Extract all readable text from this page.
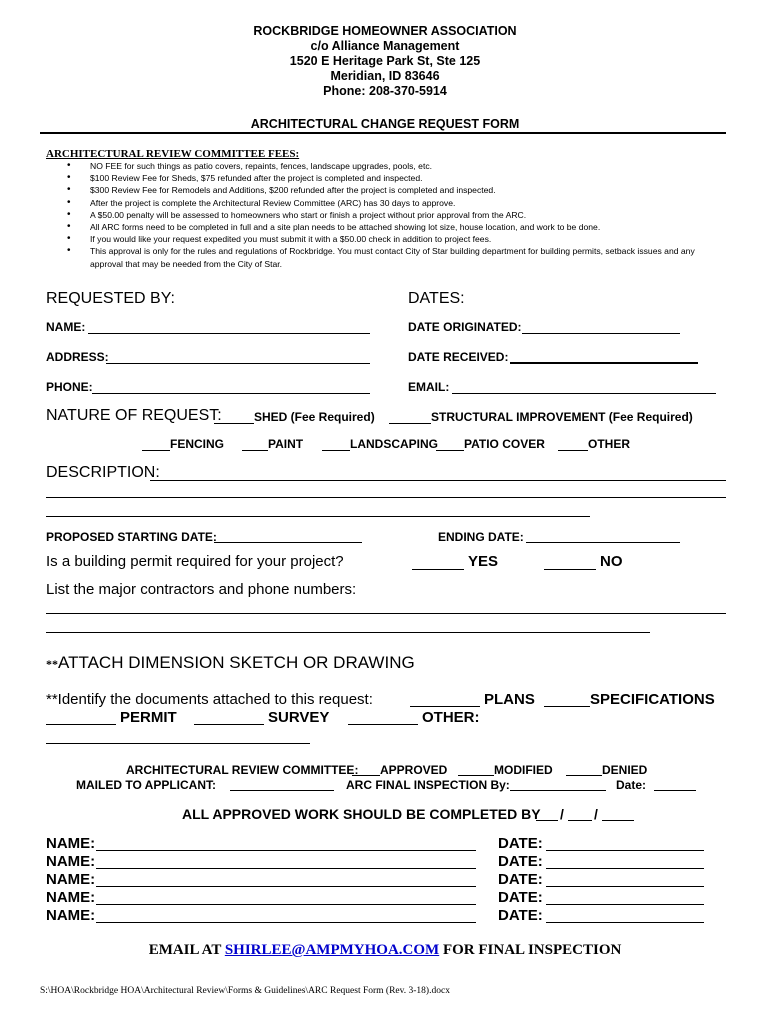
ROCKBRIDGE HOMEOWNER ASSOCIATION
c/o Alliance Management
1520 E Heritage Park St, Ste 125
Meridian, ID 83646
Phone: 208-370-5914
ARCHITECTURAL CHANGE REQUEST FORM
ARCHITECTURAL REVIEW COMMITTEE FEES:
• NO FEE for such things as patio covers, repaints, fences, landscape upgrades, pools, etc.
• $100 Review Fee for Sheds, $75 refunded after the project is completed and inspected.
• $300 Review Fee for Remodels and Additions, $200 refunded after the project is completed and inspected.
• After the project is complete the Architectural Review Committee (ARC) has 30 days to approve.
• A $50.00 penalty will be assessed to homeowners who start or finish a project without prior approval from the ARC.
• All ARC forms need to be completed in full and a site plan needs to be attached showing lot size, house location, and work to be done.
• If you would like your request expedited you must submit it with a $50.00 check in addition to project fees.
• This approval is only for the rules and regulations of Rockbridge. You must contact City of Star building department for building permits, setback issues and any approval that may be needed from the City of Star.
REQUESTED BY:	DATES:
NAME:	DATE ORIGINATED:
ADDRESS:	DATE RECEIVED:
PHONE:	EMAIL:
NATURE OF REQUEST:	SHED (Fee Required)	STRUCTURAL IMPROVEMENT (Fee Required)
FENCING	PAINT	LANDSCAPING PATIO COVER	OTHER
DESCRIPTION:
PROPOSED STARTING DATE:	ENDING DATE:
Is a building permit required for your project?	YES	NO
List the major contractors and phone numbers:
**ATTACH DIMENSION SKETCH OR DRAWING
**Identify the documents attached to this request:	PLANS	SPECIFICATIONS
PERMIT	SURVEY	OTHER:
ARCHITECTURAL REVIEW COMMITTEE: APPROVED	MODIFIED	DENIED
MAILED TO APPLICANT:	ARC FINAL INSPECTION By:	Date:
ALL APPROVED WORK SHOULD BE COMPLETED BY / /
NAME:	DATE:
NAME:	DATE:
NAME:	DATE:
NAME:	DATE:
NAME:	DATE:
EMAIL AT SHIRLEE@AMPMYHOA.COM FOR FINAL INSPECTION
S:\HOA\Rockbridge HOA\Architectural Review\Forms & Guidelines\ARC Request Form (Rev. 3-18).docx
